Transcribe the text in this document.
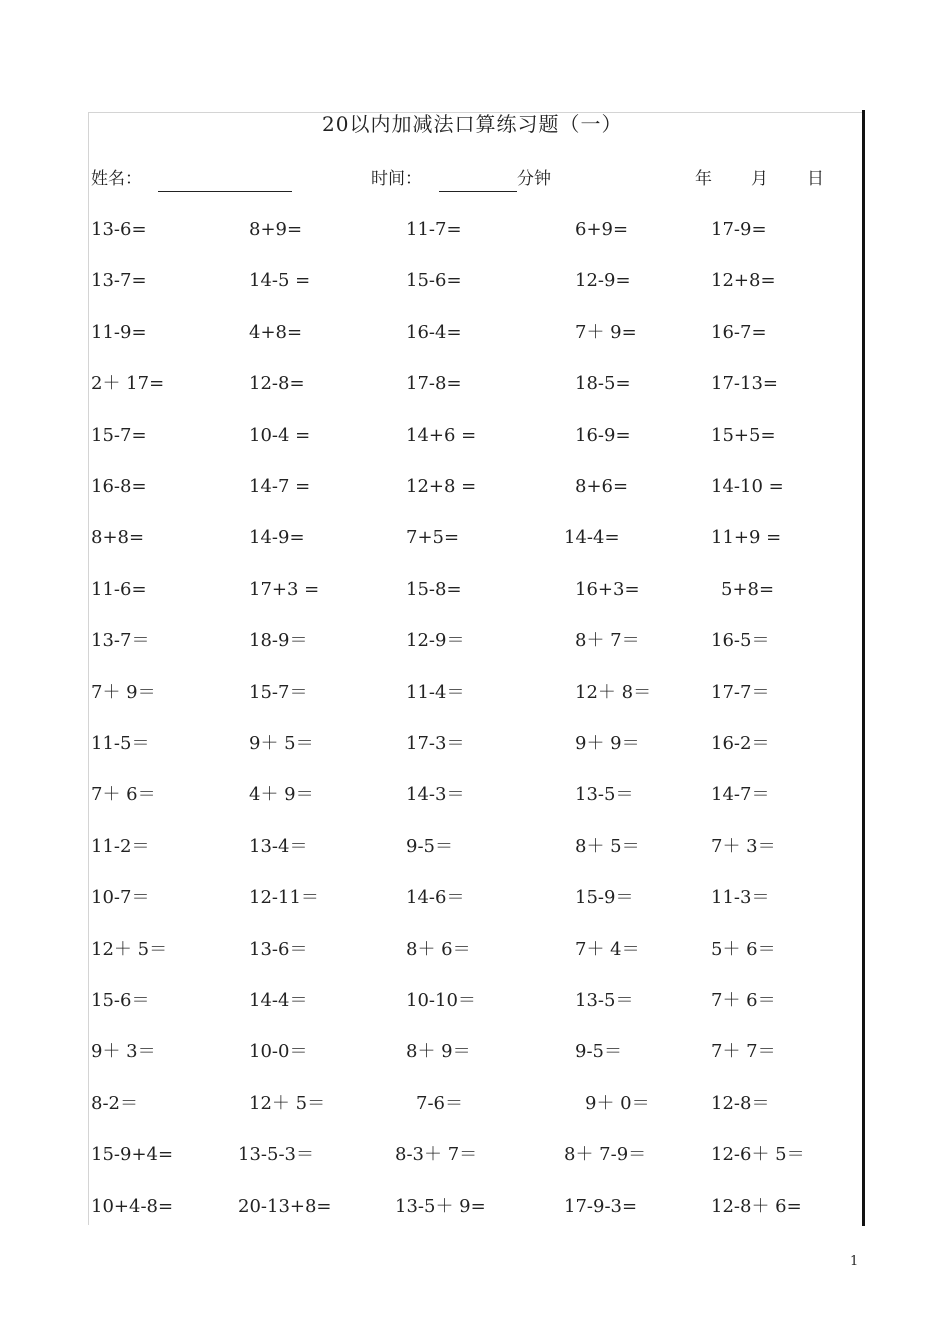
20以内加减法口算练习题（一）
姓名：	时间：	分钟	年 月 日
13-6=	8+9=	11-7=	6+9=	17-9=
13-7=	14-5 =	15-6=	12-9=	12+8=
11-9=	4+8=	16-4=	7＋ 9=	16-7=
2＋ 17=	12-8=	17-8=	18-5=	17-13=
15-7=	10-4 =	14+6 =	16-9=	15+5=
16-8=	14-7 =	12+8 =	8+6=	14-10 =
8+8=	14-9=	7+5=	14-4=	11+9 =
11-6=	17+3 =	15-8=	16+3=	5+8=
13-7＝	18-9＝	12-9＝	8＋ 7＝	16-5＝
7＋ 9＝	15-7＝	11-4＝	12＋ 8＝	17-7＝
11-5＝	9＋ 5＝	17-3＝	9＋ 9＝	16-2＝
7＋ 6＝	4＋ 9＝	14-3＝	13-5＝	14-7＝
11-2＝	13-4＝	9-5＝	8＋ 5＝	7＋ 3＝
10-7＝	12-11＝	14-6＝	15-9＝	11-3＝
12＋ 5＝	13-6＝	8＋ 6＝	7＋ 4＝	5＋ 6＝
15-6＝	14-4＝	10-10＝	13-5＝	7＋ 6＝
9＋ 3＝	10-0＝	8＋ 9＝	9-5＝	7＋ 7＝
8-2＝	12＋ 5＝	7-6＝	9＋ 0＝	12-8＝
15-9+4=	13-5-3＝	8-3＋ 7＝	8＋ 7-9＝	12-6＋ 5＝
10+4-8=	20-13+8=	13-5＋ 9=	17-9-3=	12-8＋ 6=
1
